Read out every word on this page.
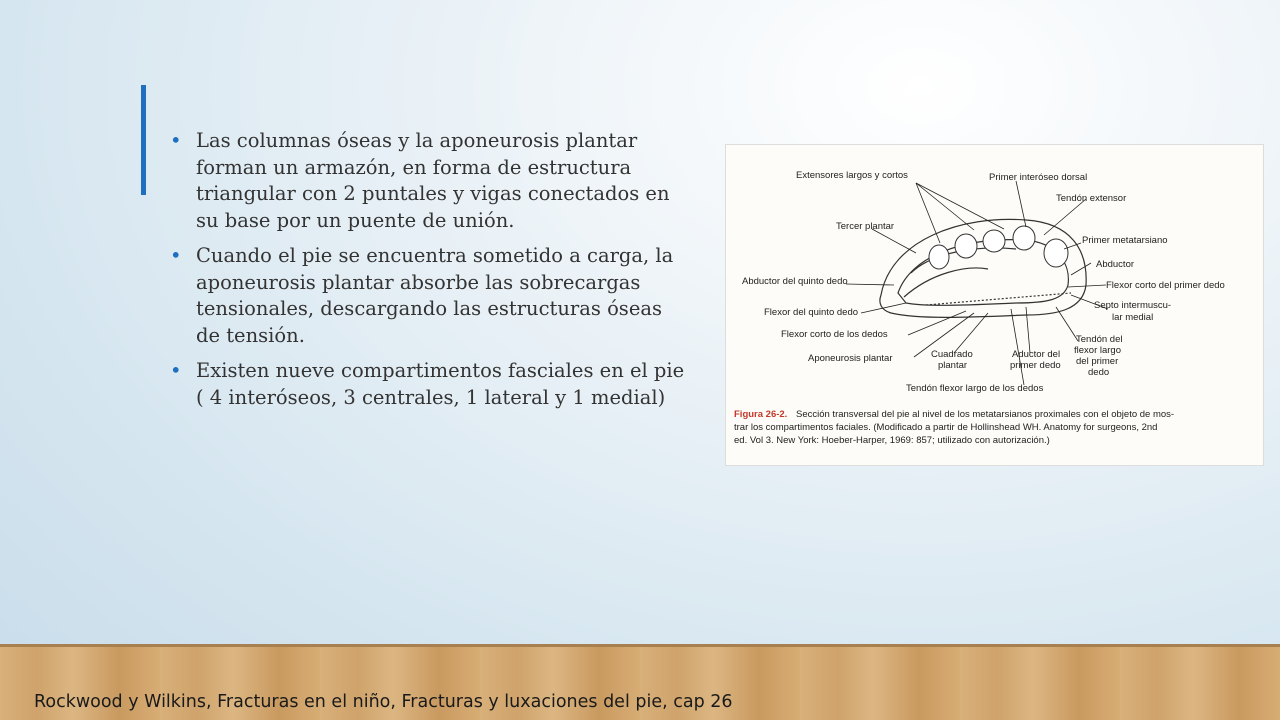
• Las columnas óseas y la aponeurosis plantar forman un armazón, en forma de estructura triangular con 2 puntales y vigas conectados en su base por un puente de unión.
• Cuando el pie se encuentra sometido a carga, la aponeurosis plantar absorbe las sobrecargas tensionales, descargando las estructuras óseas de tensión.
• Existen nueve compartimentos fasciales en el pie ( 4 interóseos, 3 centrales, 1 lateral y 1 medial)
Extensores largos y cortos	Primer interóseo dorsal
Tendón extensor
Tercer plantar
Primer metatarsiano
Abductor del quinto dedo
Abductor
Flexor corto del primer dedo
Flexor del quinto dedo
Septo intermuscu-
lar medial
Flexor corto de los dedos	Tendón del
flexor largo
del primer
dedo
Aponeurosis plantar	Cuadrado
plantar
Aductor del
primer dedo
Tendón flexor largo de los dedos
Figura 26-2. Sección transversal del pie al nivel de los metatarsianos proximales con el objeto de mos-
trar los compartimentos faciales. (Modificado a partir de Hollinshead WH. Anatomy for surgeons, 2nd
ed. Vol 3. New York: Hoeber-Harper, 1969: 857; utilizado con autorización.)
Rockwood y Wilkins, Fracturas en el niño, Fracturas y luxaciones del pie, cap 26
